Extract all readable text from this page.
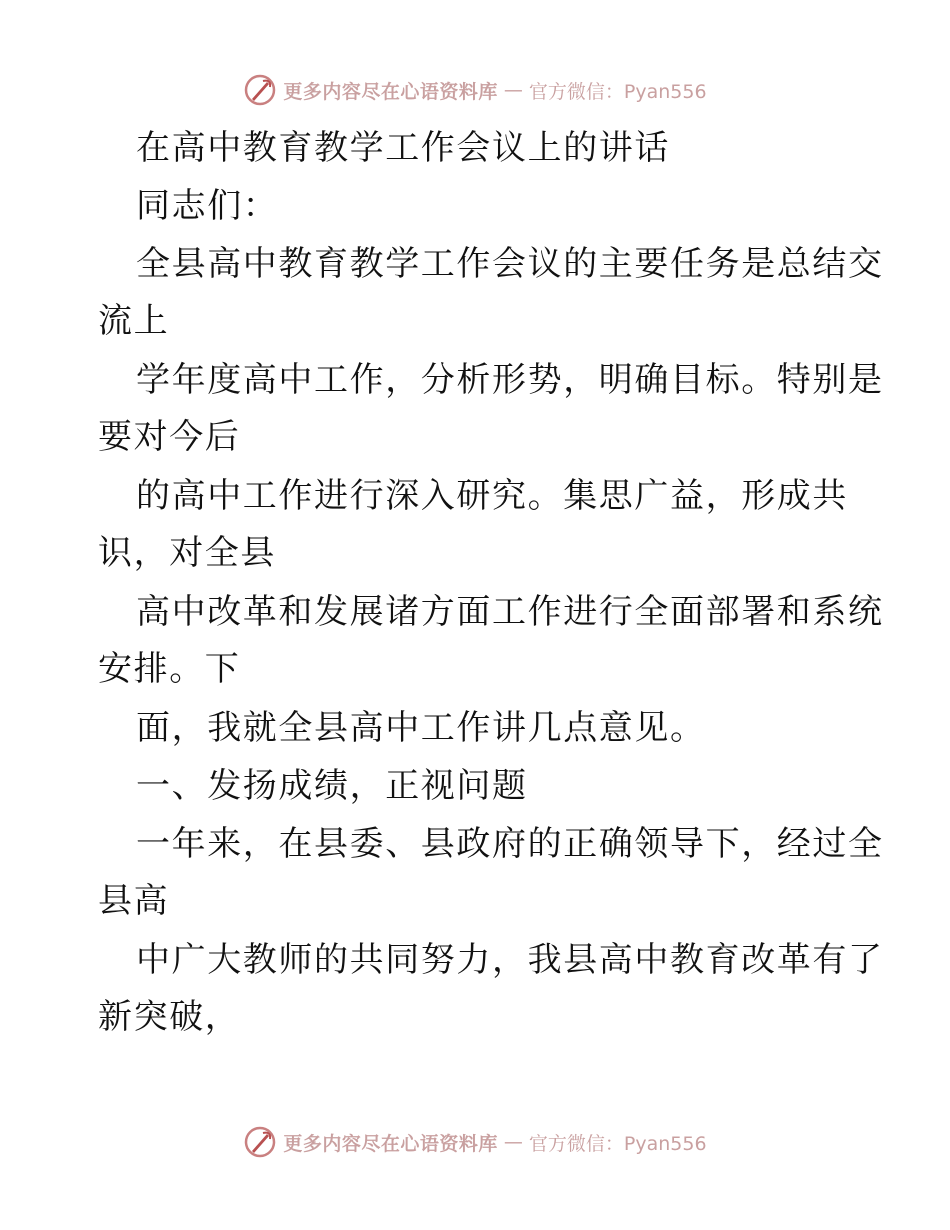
更多内容尽在心语资料库 — 官方微信：Pyan556
在高中教育教学工作会议上的讲话
同志们：
全县高中教育教学工作会议的主要任务是总结交
流上
学年度高中工作，分析形势，明确目标。特别是
要对今后
的高中工作进行深入研究。集思广益，形成共
识，对全县
高中改革和发展诸方面工作进行全面部署和系统
安排。下
面，我就全县高中工作讲几点意见。
一、发扬成绩，正视问题
一年来，在县委、县政府的正确领导下，经过全
县高
中广大教师的共同努力，我县高中教育改革有了
新突破，
更多内容尽在心语资料库 — 官方微信：Pyan556
